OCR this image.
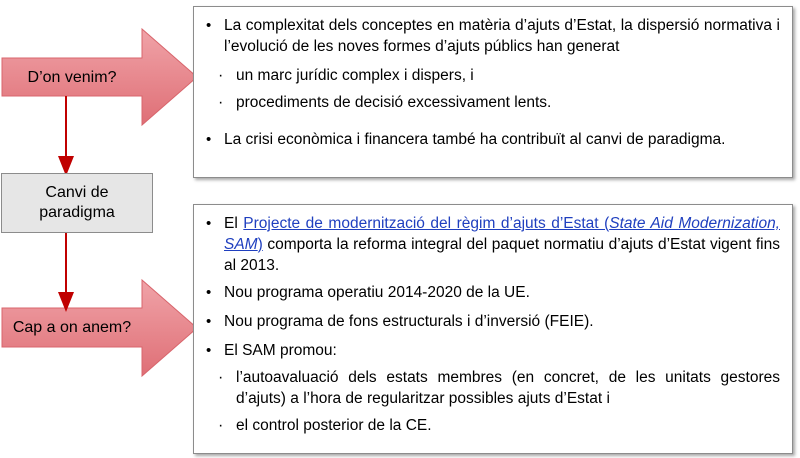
D’on venim?
Canvi de
paradigma
Cap a on anem?

• La complexitat dels conceptes en matèria d’ajuts d’Estat, la dispersió normativa i l’evolució de les noves formes d’ajuts públics han generat

· un marc jurídic complex i dispers, i

· procediments de decisió excessivament lents.

• La crisi econòmica i financera també ha contribuït al canvi de paradigma.

• El Projecte de modernització del règim d’ajuts d’Estat (State Aid Modernization, SAM) comporta la reforma integral del paquet normatiu d’ajuts d’Estat vigent fins al 2013.

• Nou programa operatiu 2014-2020 de la UE.

• Nou programa de fons estructurals i d’inversió (FEIE).

• El SAM promou:

· l’autoavaluació dels estats membres (en concret, de les unitats gestores d’ajuts) a l’hora de regularitzar possibles ajuts d’Estat i

· el control posterior de la CE.
